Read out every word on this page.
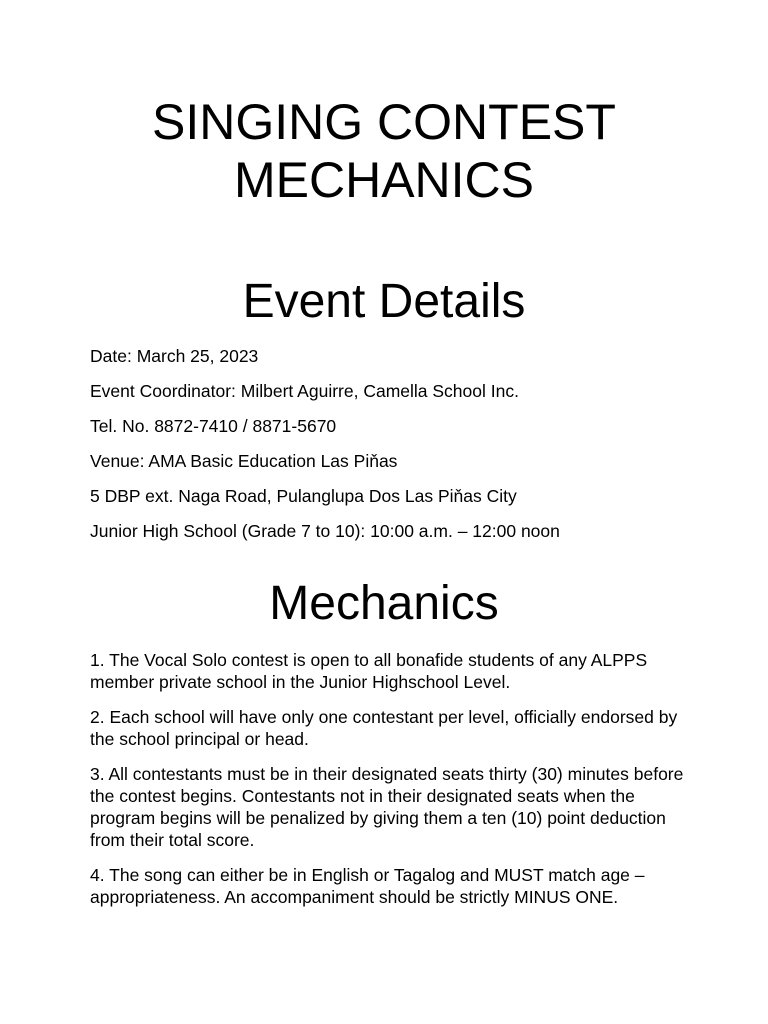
SINGING CONTEST
MECHANICS
Event Details
Date: March 25, 2023
Event Coordinator: Milbert Aguirre, Camella School Inc.
Tel. No. 8872-7410 / 8871-5670
Venue: AMA Basic Education Las Piňas
5 DBP ext. Naga Road, Pulanglupa Dos Las Piňas City
Junior High School (Grade 7 to 10): 10:00 a.m. – 12:00 noon
Mechanics
1. The Vocal Solo contest is open to all bonafide students of any ALPPS member private school in the Junior Highschool Level.
2. Each school will have only one contestant per level, officially endorsed by the school principal or head.
3. All contestants must be in their designated seats thirty (30) minutes before the contest begins. Contestants not in their designated seats when the program begins will be penalized by giving them a ten (10) point deduction from their total score.
4. The song can either be in English or Tagalog and MUST match age – appropriateness. An accompaniment should be strictly MINUS ONE.
